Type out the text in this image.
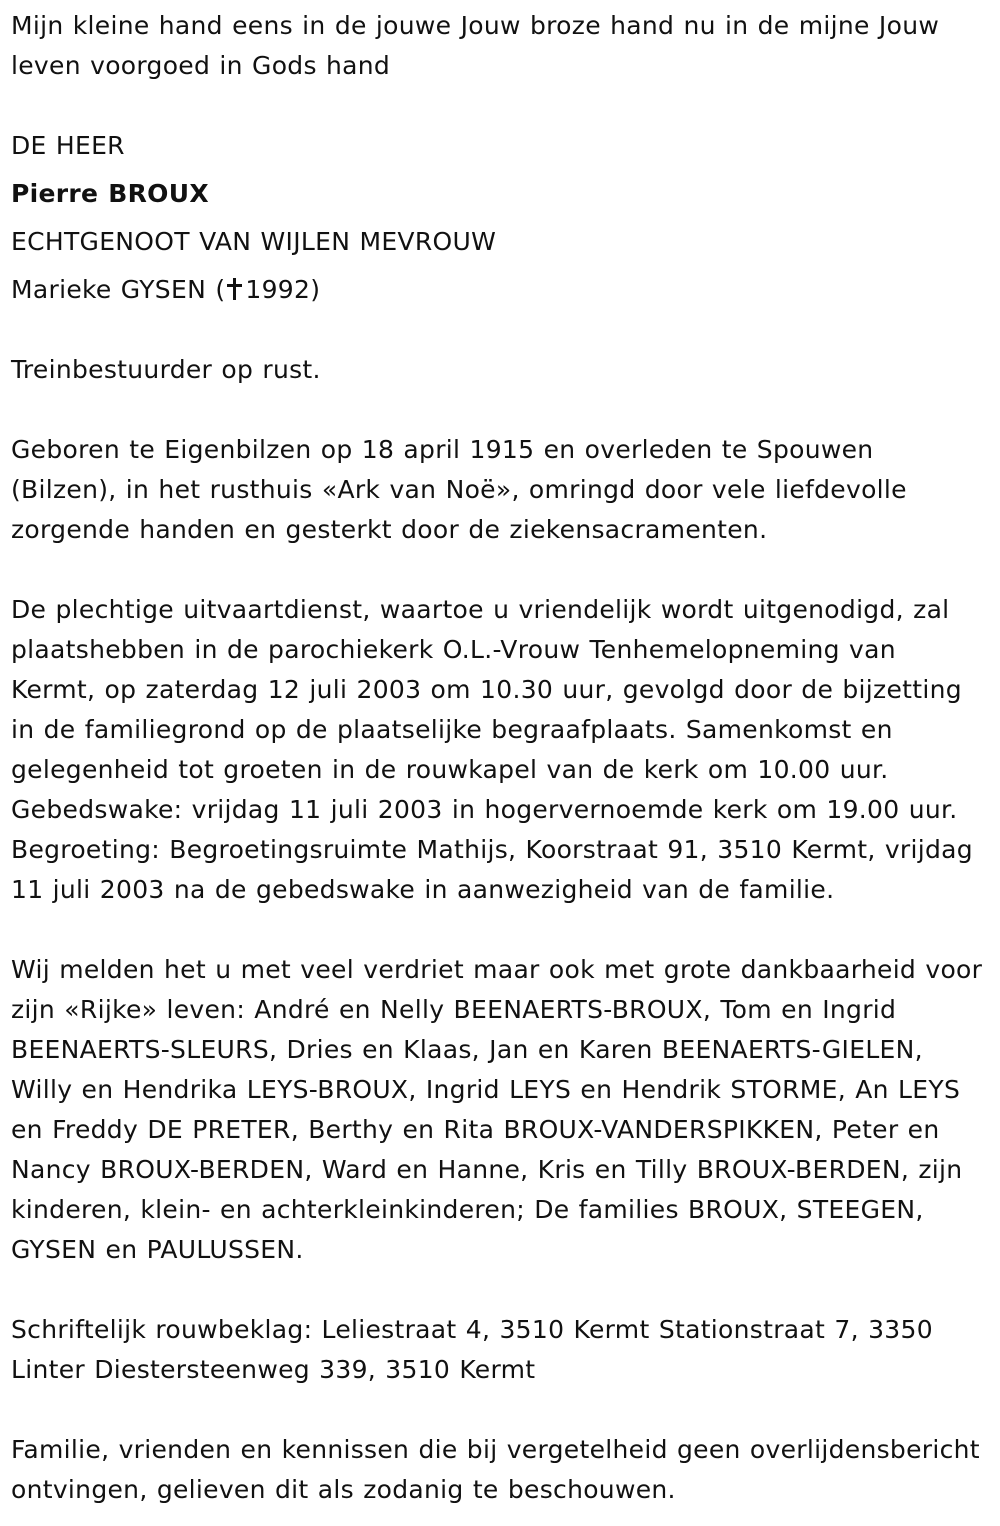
Mijn kleine hand eens in de jouwe Jouw broze hand nu in de mijne Jouw leven voorgoed in Gods hand

DE HEER

Pierre BROUX

ECHTGENOOT VAN WIJLEN MEVROUW

Marieke GYSEN ( 1992)

Treinbestuurder op rust.

Geboren te Eigenbilzen op 18 april 1915 en overleden te Spouwen (Bilzen), in het rusthuis «Ark van Noë», omringd door vele liefdevolle zorgende handen en gesterkt door de ziekensacramenten.

De plechtige uitvaartdienst, waartoe u vriendelijk wordt uitgenodigd, zal plaatshebben in de parochiekerk O.L.-Vrouw Tenhemelopneming van Kermt, op zaterdag 12 juli 2003 om 10.30 uur, gevolgd door de bijzetting in de familiegrond op de plaatselijke begraafplaats. Samenkomst en gelegenheid tot groeten in de rouwkapel van de kerk om 10.00 uur. Gebedswake: vrijdag 11 juli 2003 in hogervernoemde kerk om 19.00 uur. Begroeting: Begroetingsruimte Mathijs, Koorstraat 91, 3510 Kermt, vrijdag 11 juli 2003 na de gebedswake in aanwezigheid van de familie.

Wij melden het u met veel verdriet maar ook met grote dankbaarheid voor zijn «Rijke» leven: André en Nelly BEENAERTS-BROUX, Tom en Ingrid BEENAERTS-SLEURS, Dries en Klaas, Jan en Karen BEENAERTS-GIELEN, Willy en Hendrika LEYS-BROUX, Ingrid LEYS en Hendrik STORME, An LEYS en Freddy DE PRETER, Berthy en Rita BROUX-VANDERSPIKKEN, Peter en Nancy BROUX-BERDEN, Ward en Hanne, Kris en Tilly BROUX-BERDEN, zijn kinderen, klein- en achterkleinkinderen; De families BROUX, STEEGEN, GYSEN en PAULUSSEN.

Schriftelijk rouwbeklag: Leliestraat 4, 3510 Kermt Stationstraat 7, 3350 Linter Diestersteenweg 339, 3510 Kermt

Familie, vrienden en kennissen die bij vergetelheid geen overlijdensbericht ontvingen, gelieven dit als zodanig te beschouwen.
